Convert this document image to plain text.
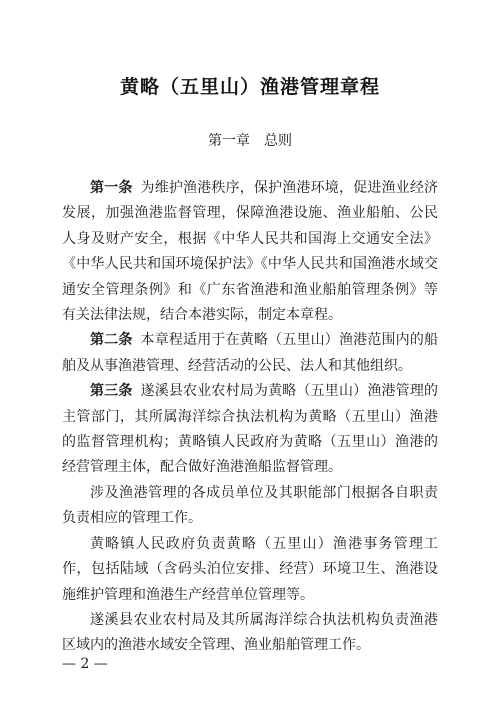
黄略（五里山）渔港管理章程
第一章 总则

第一条 为维护渔港秩序，保护渔港环境，促进渔业经济发展，加强渔港监督管理，保障渔港设施、渔业船舶、公民人身及财产安全，根据《中华人民共和国海上交通安全法》《中华人民共和国环境保护法》《中华人民共和国渔港水域交通安全管理条例》和《广东省渔港和渔业船舶管理条例》等有关法律法规，结合本港实际，制定本章程。

第二条 本章程适用于在黄略（五里山）渔港范围内的船舶及从事渔港管理、经营活动的公民、法人和其他组织。

第三条 遂溪县农业农村局为黄略（五里山）渔港管理的主管部门，其所属海洋综合执法机构为黄略（五里山）渔港的监督管理机构；黄略镇人民政府为黄略（五里山）渔港的经营管理主体，配合做好渔港渔船监督管理。

涉及渔港管理的各成员单位及其职能部门根据各自职责负责相应的管理工作。

黄略镇人民政府负责黄略（五里山）渔港事务管理工作，包括陆域（含码头泊位安排、经营）环境卫生、渔港设施维护管理和渔港生产经营单位管理等。

遂溪县农业农村局及其所属海洋综合执法机构负责渔港区域内的渔港水域安全管理、渔业船舶管理工作。

— 2 —
